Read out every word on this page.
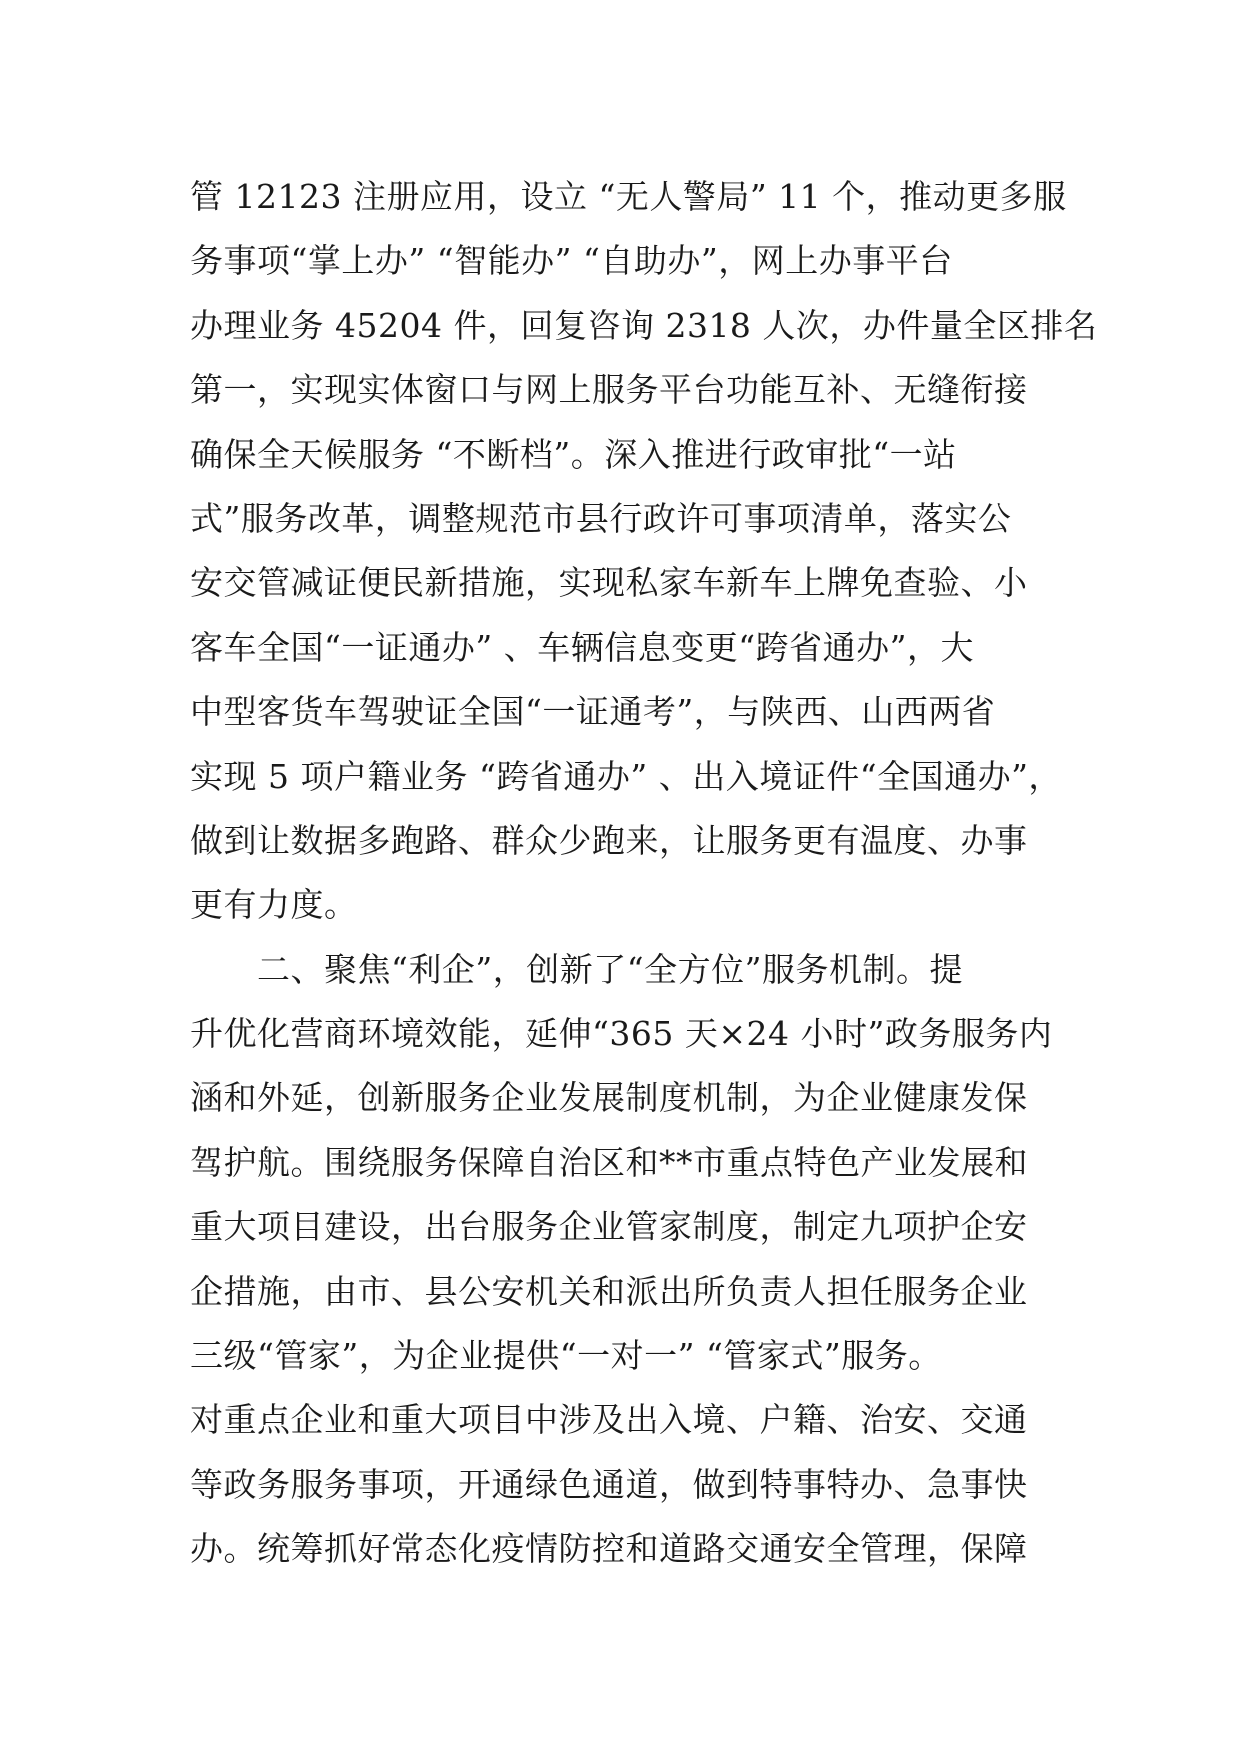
管 12123 注册应用，设立 “无人警局” 11 个，推动更多服
务事项“掌上办” “智能办” “自助办”，网上办事平台
办理业务 45204 件，回复咨询 2318 人次，办件量全区排名
第一，实现实体窗口与网上服务平台功能互补、无缝衔接
确保全天候服务 “不断档”。深入推进行政审批“一站
式”服务改革，调整规范市县行政许可事项清单，落实公
安交管减证便民新措施，实现私家车新车上牌免查验、小
客车全国“一证通办” 、车辆信息变更“跨省通办”，大
中型客货车驾驶证全国“一证通考”，与陕西、山西两省
实现 5 项户籍业务 “跨省通办” 、出入境证件“全国通办”，
做到让数据多跑路、群众少跑来，让服务更有温度、办事
更有力度。
　　二、聚焦“利企”，创新了“全方位”服务机制。提
升优化营商环境效能，延伸“365 天×24 小时”政务服务内
涵和外延，创新服务企业发展制度机制，为企业健康发保
驾护航。围绕服务保障自治区和**市重点特色产业发展和
重大项目建设，出台服务企业管家制度，制定九项护企安
企措施，由市、县公安机关和派出所负责人担任服务企业
三级“管家”，为企业提供“一对一” “管家式”服务。
对重点企业和重大项目中涉及出入境、户籍、治安、交通
等政务服务事项，开通绿色通道，做到特事特办、急事快
办。统筹抓好常态化疫情防控和道路交通安全管理，保障
